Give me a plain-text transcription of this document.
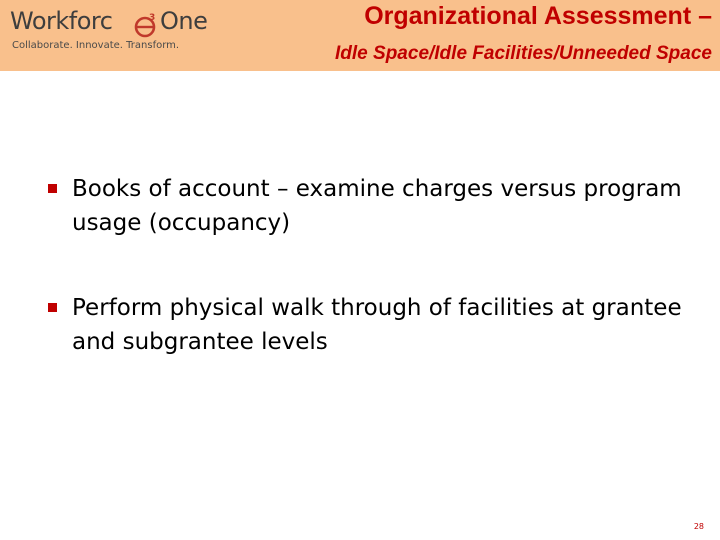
Workforc	3 One
Collaborate. Innovate. Transform.
Organizational Assessment –
Idle Space/Idle Facilities/Unneeded Space
Books of account – examine charges versus program usage (occupancy)
Perform physical walk through of facilities at grantee and subgrantee levels
28
